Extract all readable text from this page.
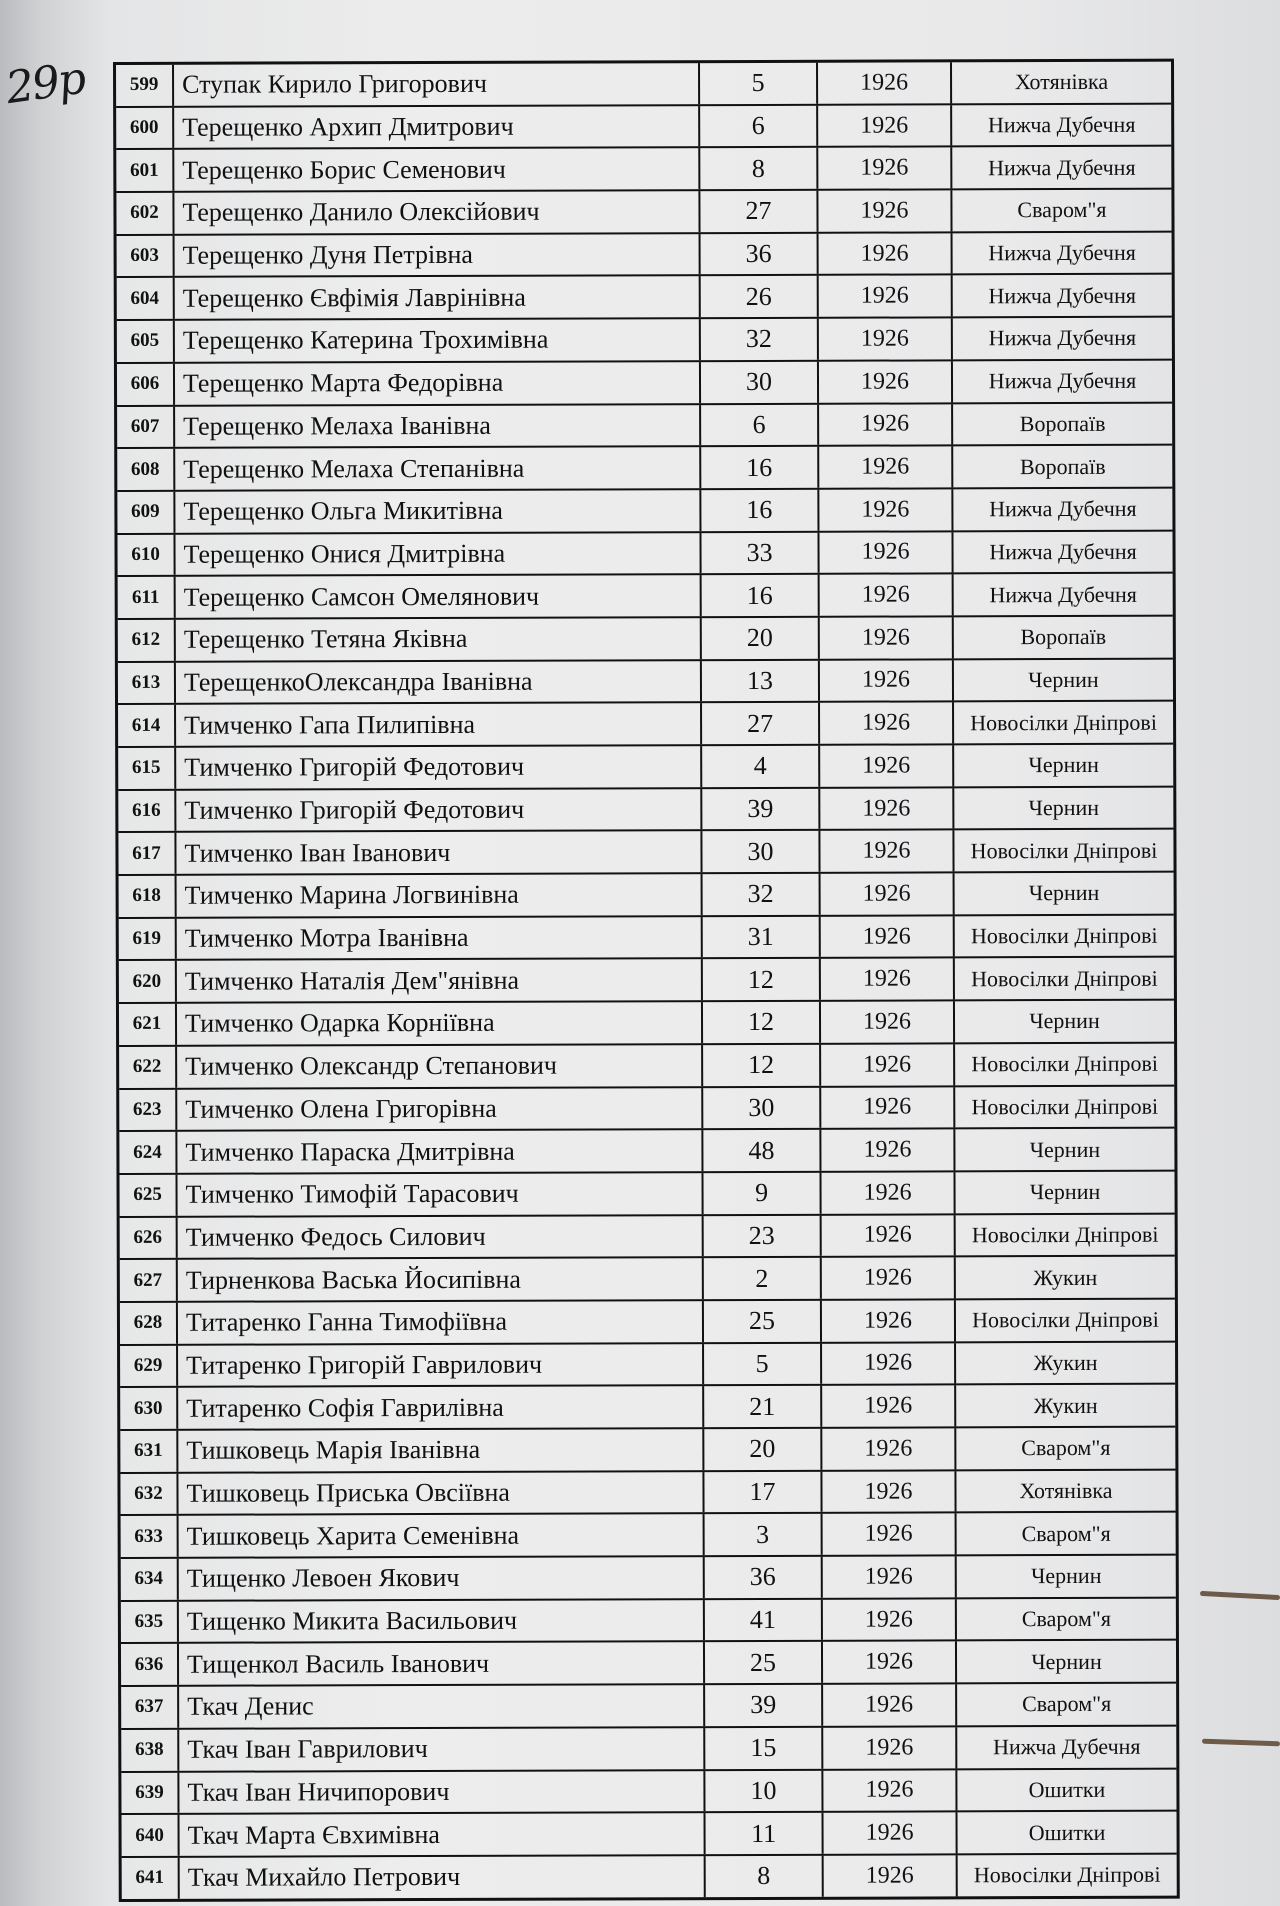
29р	599 Ступак Кирило Григорович	5	1926	Хотянівка
600 Терещенко Архип Дмитрович	6	1926	Нижча Дубечня
601 Терещенко Борис Семенович	8	1926	Нижча Дубечня
602 Терещенко Данило Олексійович	27	1926	Сваром"я
603 Терещенко Дуня Петрівна	36	1926	Нижча Дубечня
604 Терещенко Євфімія Лаврінівна	26	1926	Нижча Дубечня
605 Терещенко Катерина Трохимівна	32	1926	Нижча Дубечня
606 Терещенко Марта Федорівна	30	1926	Нижча Дубечня
607 Терещенко Мелаха Іванівна	6	1926	Воропаїв
608 Терещенко Мелаха Степанівна	16	1926	Воропаїв
609 Терещенко Ольга Микитівна	16	1926	Нижча Дубечня
610 Терещенко Онися Дмитрівна	33	1926	Нижча Дубечня
611 Терещенко Самсон Омелянович	16	1926	Нижча Дубечня
612 Терещенко Тетяна Яківна	20	1926	Воропаїв
613 ТерещенкоОлександра Іванівна	13	1926	Чернин
614 Тимченко Гапа Пилипівна	27	1926	Новосілки Дніпрові
615 Тимченко Григорій Федотович	4	1926	Чернин
616 Тимченко Григорій Федотович	39	1926	Чернин
617 Тимченко Іван Іванович	30	1926	Новосілки Дніпрові
618 Тимченко Марина Логвинівна	32	1926	Чернин
619 Тимченко Мотра Іванівна	31	1926	Новосілки Дніпрові
620 Тимченко Наталія Дем"янівна	12	1926	Новосілки Дніпрові
621 Тимченко Одарка Корніївна	12	1926	Чернин
622 Тимченко Олександр Степанович	12	1926	Новосілки Дніпрові
623 Тимченко Олена Григорівна	30	1926	Новосілки Дніпрові
624 Тимченко Параска Дмитрівна	48	1926	Чернин
625 Тимченко Тимофій Тарасович	9	1926	Чернин
626 Тимченко Федось Силович	23	1926	Новосілки Дніпрові
627 Тирненкова Васька Йосипівна	2	1926	Жукин
628 Титаренко Ганна Тимофіївна	25	1926	Новосілки Дніпрові
629 Титаренко Григорій Гаврилович	5	1926	Жукин
630 Титаренко Софія Гаврилівна	21	1926	Жукин
631 Тишковець Марія Іванівна	20	1926	Сваром"я
632 Тишковець Приська Овсіївна	17	1926	Хотянівка
633 Тишковець Харита Семенівна	3	1926	Сваром"я
634 Тищенко Левоен Якович	36	1926	Чернин
635 Тищенко Микита Васильович	41	1926	Сваром"я
636 Тищенкол Василь Іванович	25	1926	Чернин
637 Ткач Денис	39	1926	Сваром"я
638 Ткач Іван Гаврилович	15	1926	Нижча Дубечня
639 Ткач Іван Ничипорович	10	1926	Ошитки
640 Ткач Марта Євхимівна	11	1926	Ошитки
641 Ткач Михайло Петрович	8	1926	Новосілки Дніпрові
